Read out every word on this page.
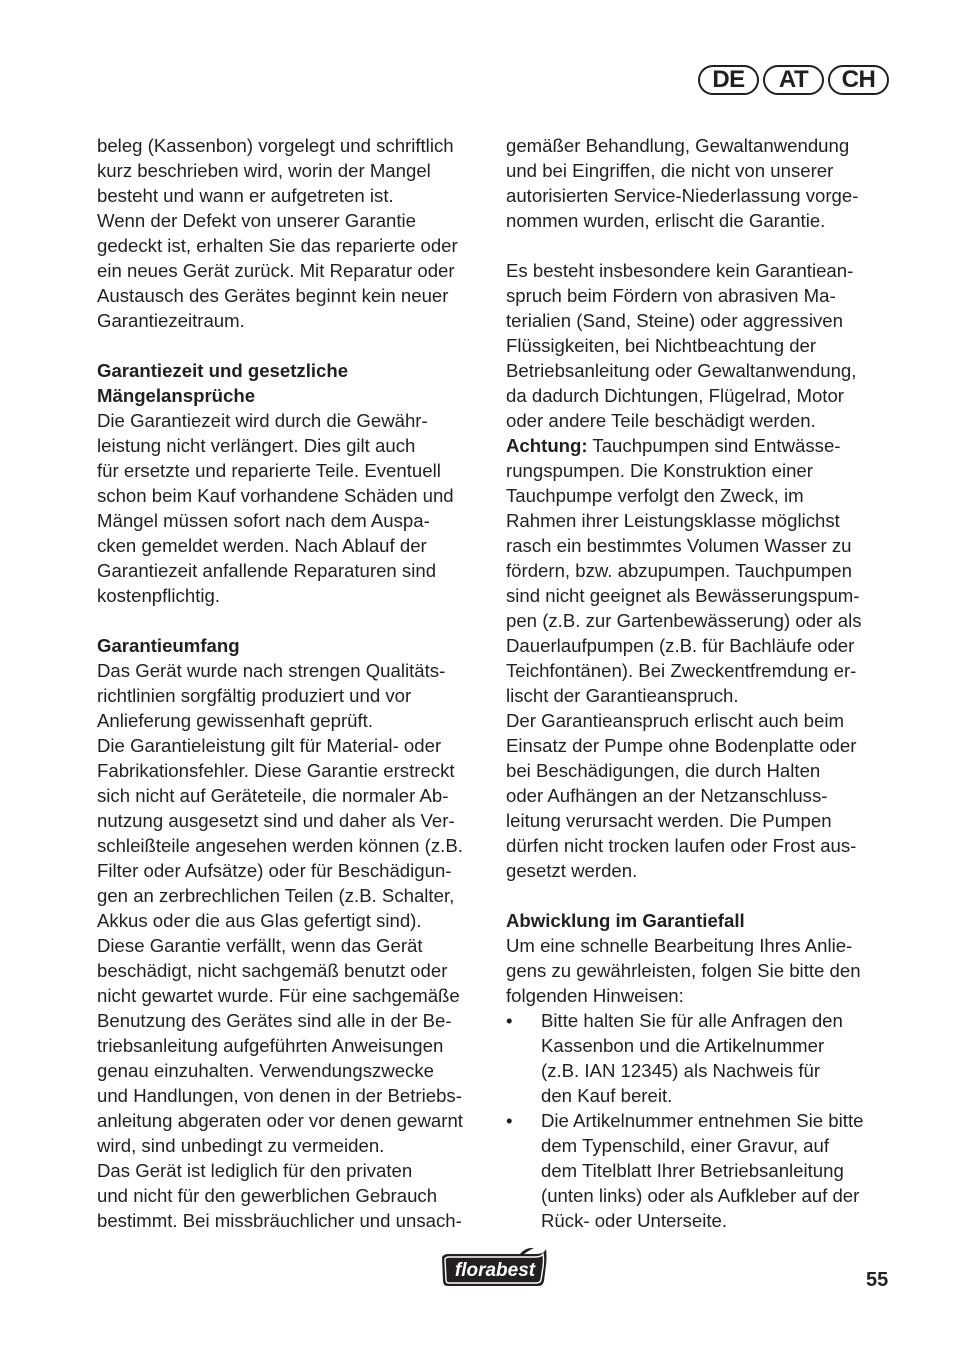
DE	AT	CH
beleg (Kassenbon) vorgelegt und schriftlich
kurz beschrieben wird, worin der Mangel
besteht und wann er aufgetreten ist.
Wenn der Defekt von unserer Garantie
gedeckt ist, erhalten Sie das reparierte oder
ein neues Gerät zurück. Mit Reparatur oder
Austausch des Gerätes beginnt kein neuer
Garantiezeitraum.
Garantiezeit und gesetzliche
Mängelansprüche
Die Garantiezeit wird durch die Gewähr-
leistung nicht verlängert. Dies gilt auch
für ersetzte und reparierte Teile. Eventuell
schon beim Kauf vorhandene Schäden und
Mängel müssen sofort nach dem Auspa-
cken gemeldet werden. Nach Ablauf der
Garantiezeit anfallende Reparaturen sind
kostenpflichtig.
Garantieumfang
Das Gerät wurde nach strengen Qualitäts-
richtlinien sorgfältig produziert und vor
Anlieferung gewissenhaft geprüft.
Die Garantieleistung gilt für Material- oder
Fabrikationsfehler. Diese Garantie erstreckt
sich nicht auf Geräteteile, die normaler Ab-
nutzung ausgesetzt sind und daher als Ver-
schleißteile angesehen werden können (z.B.
Filter oder Aufsätze) oder für Beschädigun-
gen an zerbrechlichen Teilen (z.B. Schalter,
Akkus oder die aus Glas gefertigt sind).
Diese Garantie verfällt, wenn das Gerät
beschädigt, nicht sachgemäß benutzt oder
nicht gewartet wurde. Für eine sachgemäße
Benutzung des Gerätes sind alle in der Be-
triebsanleitung aufgeführten Anweisungen
genau einzuhalten. Verwendungszwecke
und Handlungen, von denen in der Betriebs-
anleitung abgeraten oder vor denen gewarnt
wird, sind unbedingt zu vermeiden.
Das Gerät ist lediglich für den privaten
und nicht für den gewerblichen Gebrauch
bestimmt. Bei missbräuchlicher und unsach-
gemäßer Behandlung, Gewaltanwendung
und bei Eingriffen, die nicht von unserer
autorisierten Service-Niederlassung vorge-
nommen wurden, erlischt die Garantie.
Es besteht insbesondere kein Garantiean-
spruch beim Fördern von abrasiven Ma-
terialien (Sand, Steine) oder aggressiven
Flüssigkeiten, bei Nichtbeachtung der
Betriebsanleitung oder Gewaltanwendung,
da dadurch Dichtungen, Flügelrad, Motor
oder andere Teile beschädigt werden.
Achtung: Tauchpumpen sind Entwässe-
rungspumpen. Die Konstruktion einer
Tauchpumpe verfolgt den Zweck, im
Rahmen ihrer Leistungsklasse möglichst
rasch ein bestimmtes Volumen Wasser zu
fördern, bzw. abzupumpen. Tauchpumpen
sind nicht geeignet als Bewässerungspum-
pen (z.B. zur Gartenbewässerung) oder als
Dauerlaufpumpen (z.B. für Bachläufe oder
Teichfontänen). Bei Zweckentfremdung er-
lischt der Garantieanspruch.
Der Garantieanspruch erlischt auch beim
Einsatz der Pumpe ohne Bodenplatte oder
bei Beschädigungen, die durch Halten
oder Aufhängen an der Netzanschluss-
leitung verursacht werden. Die Pumpen
dürfen nicht trocken laufen oder Frost aus-
gesetzt werden.
Abwicklung im Garantiefall
Um eine schnelle Bearbeitung Ihres Anlie-
gens zu gewährleisten, folgen Sie bitte den
folgenden Hinweisen:
• Bitte halten Sie für alle Anfragen den
Kassenbon und die Artikelnummer
(z.B. IAN 12345) als Nachweis für
den Kauf bereit.
• Die Artikelnummer entnehmen Sie bitte
dem Typenschild, einer Gravur, auf
dem Titelblatt Ihrer Betriebsanleitung
(unten links) oder als Aufkleber auf der
Rück- oder Unterseite.
florabest	55
